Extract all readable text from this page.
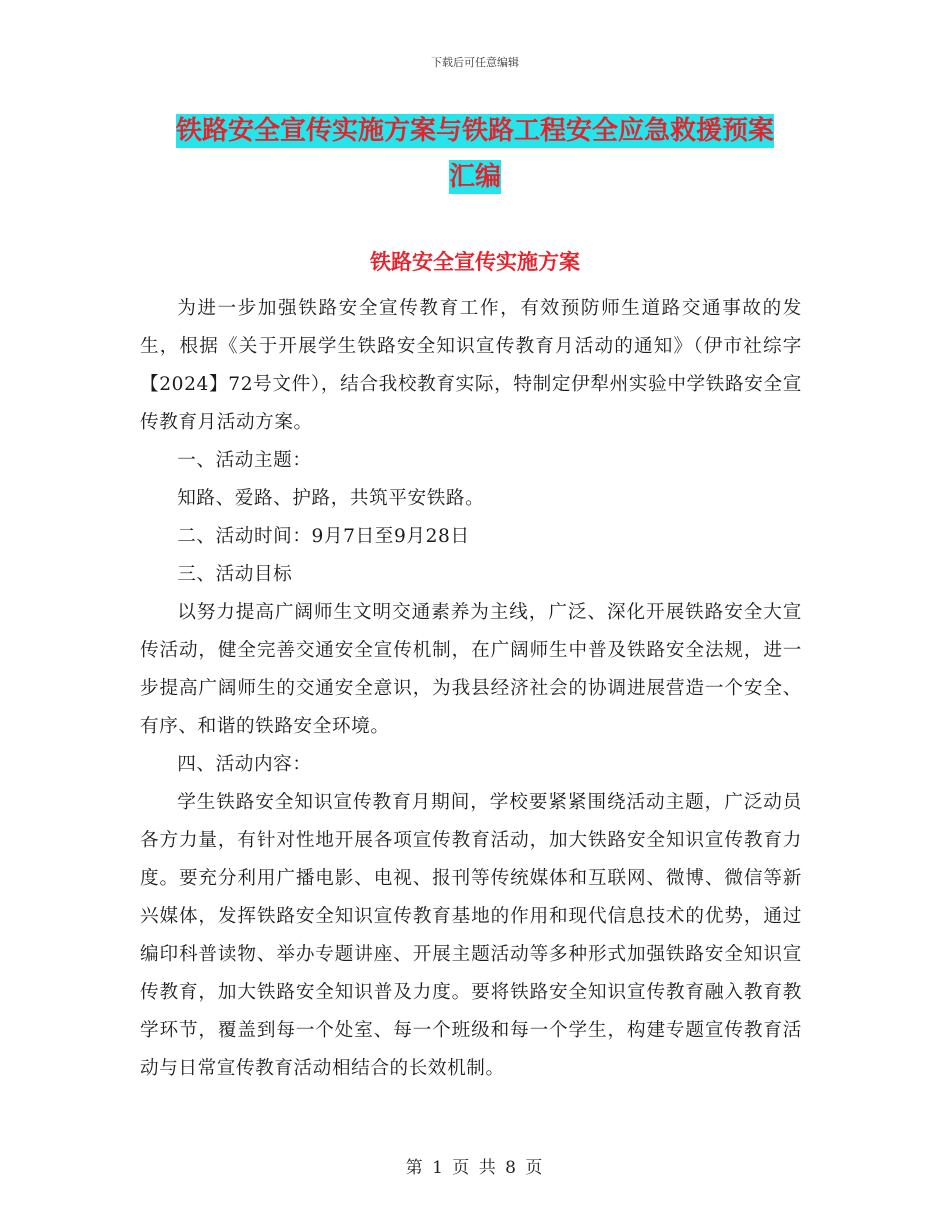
下载后可任意编辑
铁路安全宣传实施方案与铁路工程安全应急救援预案
汇编
铁路安全宣传实施方案

为进一步加强铁路安全宣传教育工作，有效预防师生道路交通事故的发生，根据《关于开展学生铁路安全知识宣传教育月活动的通知》（伊市社综字【2024】72号文件），结合我校教育实际，特制定伊犁州实验中学铁路安全宣传教育月活动方案。

一、活动主题：

知路、爱路、护路，共筑平安铁路。

二、活动时间：9月7日至9月28日

三、活动目标

以努力提高广阔师生文明交通素养为主线，广泛、深化开展铁路安全大宣传活动，健全完善交通安全宣传机制，在广阔师生中普及铁路安全法规，进一步提高广阔师生的交通安全意识，为我县经济社会的协调进展营造一个安全、有序、和谐的铁路安全环境。

四、活动内容：

学生铁路安全知识宣传教育月期间，学校要紧紧围绕活动主题，广泛动员各方力量，有针对性地开展各项宣传教育活动，加大铁路安全知识宣传教育力度。要充分利用广播电影、电视、报刊等传统媒体和互联网、微博、微信等新兴媒体，发挥铁路安全知识宣传教育基地的作用和现代信息技术的优势，通过编印科普读物、举办专题讲座、开展主题活动等多种形式加强铁路安全知识宣传教育，加大铁路安全知识普及力度。要将铁路安全知识宣传教育融入教育教学环节，覆盖到每一个处室、每一个班级和每一个学生，构建专题宣传教育活动与日常宣传教育活动相结合的长效机制。

第 1 页 共 8 页
